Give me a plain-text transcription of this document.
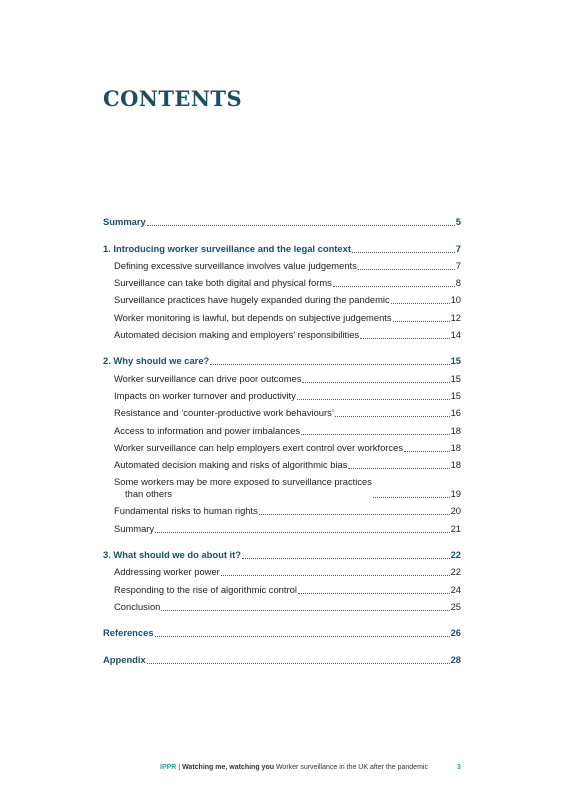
CONTENTS
Summary	5
1. Introducing worker surveillance and the legal context	7
Defining excessive surveillance involves value judgements	7
Surveillance can take both digital and physical forms	8
Surveillance practices have hugely expanded during the pandemic	10
Worker monitoring is lawful, but depends on subjective judgements	12
Automated decision making and employers’ responsibilities	14
2. Why should we care?	15
Worker surveillance can drive poor outcomes	15
Impacts on worker turnover and productivity	15
Resistance and ‘counter-productive work behaviours’	16
Access to information and power imbalances	18
Worker surveillance can help employers exert control over workforces	18
Automated decision making and risks of algorithmic bias	18
Some workers may be more exposed to surveillance practices
than others	19
Fundamental risks to human rights	20
Summary	21
3. What should we do about it?	22
Addressing worker power	22
Responding to the rise of algorithmic control	24
Conclusion	25
References	26
Appendix	28
IPPR | Watching me, watching you Worker surveillance in the UK after the pandemic	3
